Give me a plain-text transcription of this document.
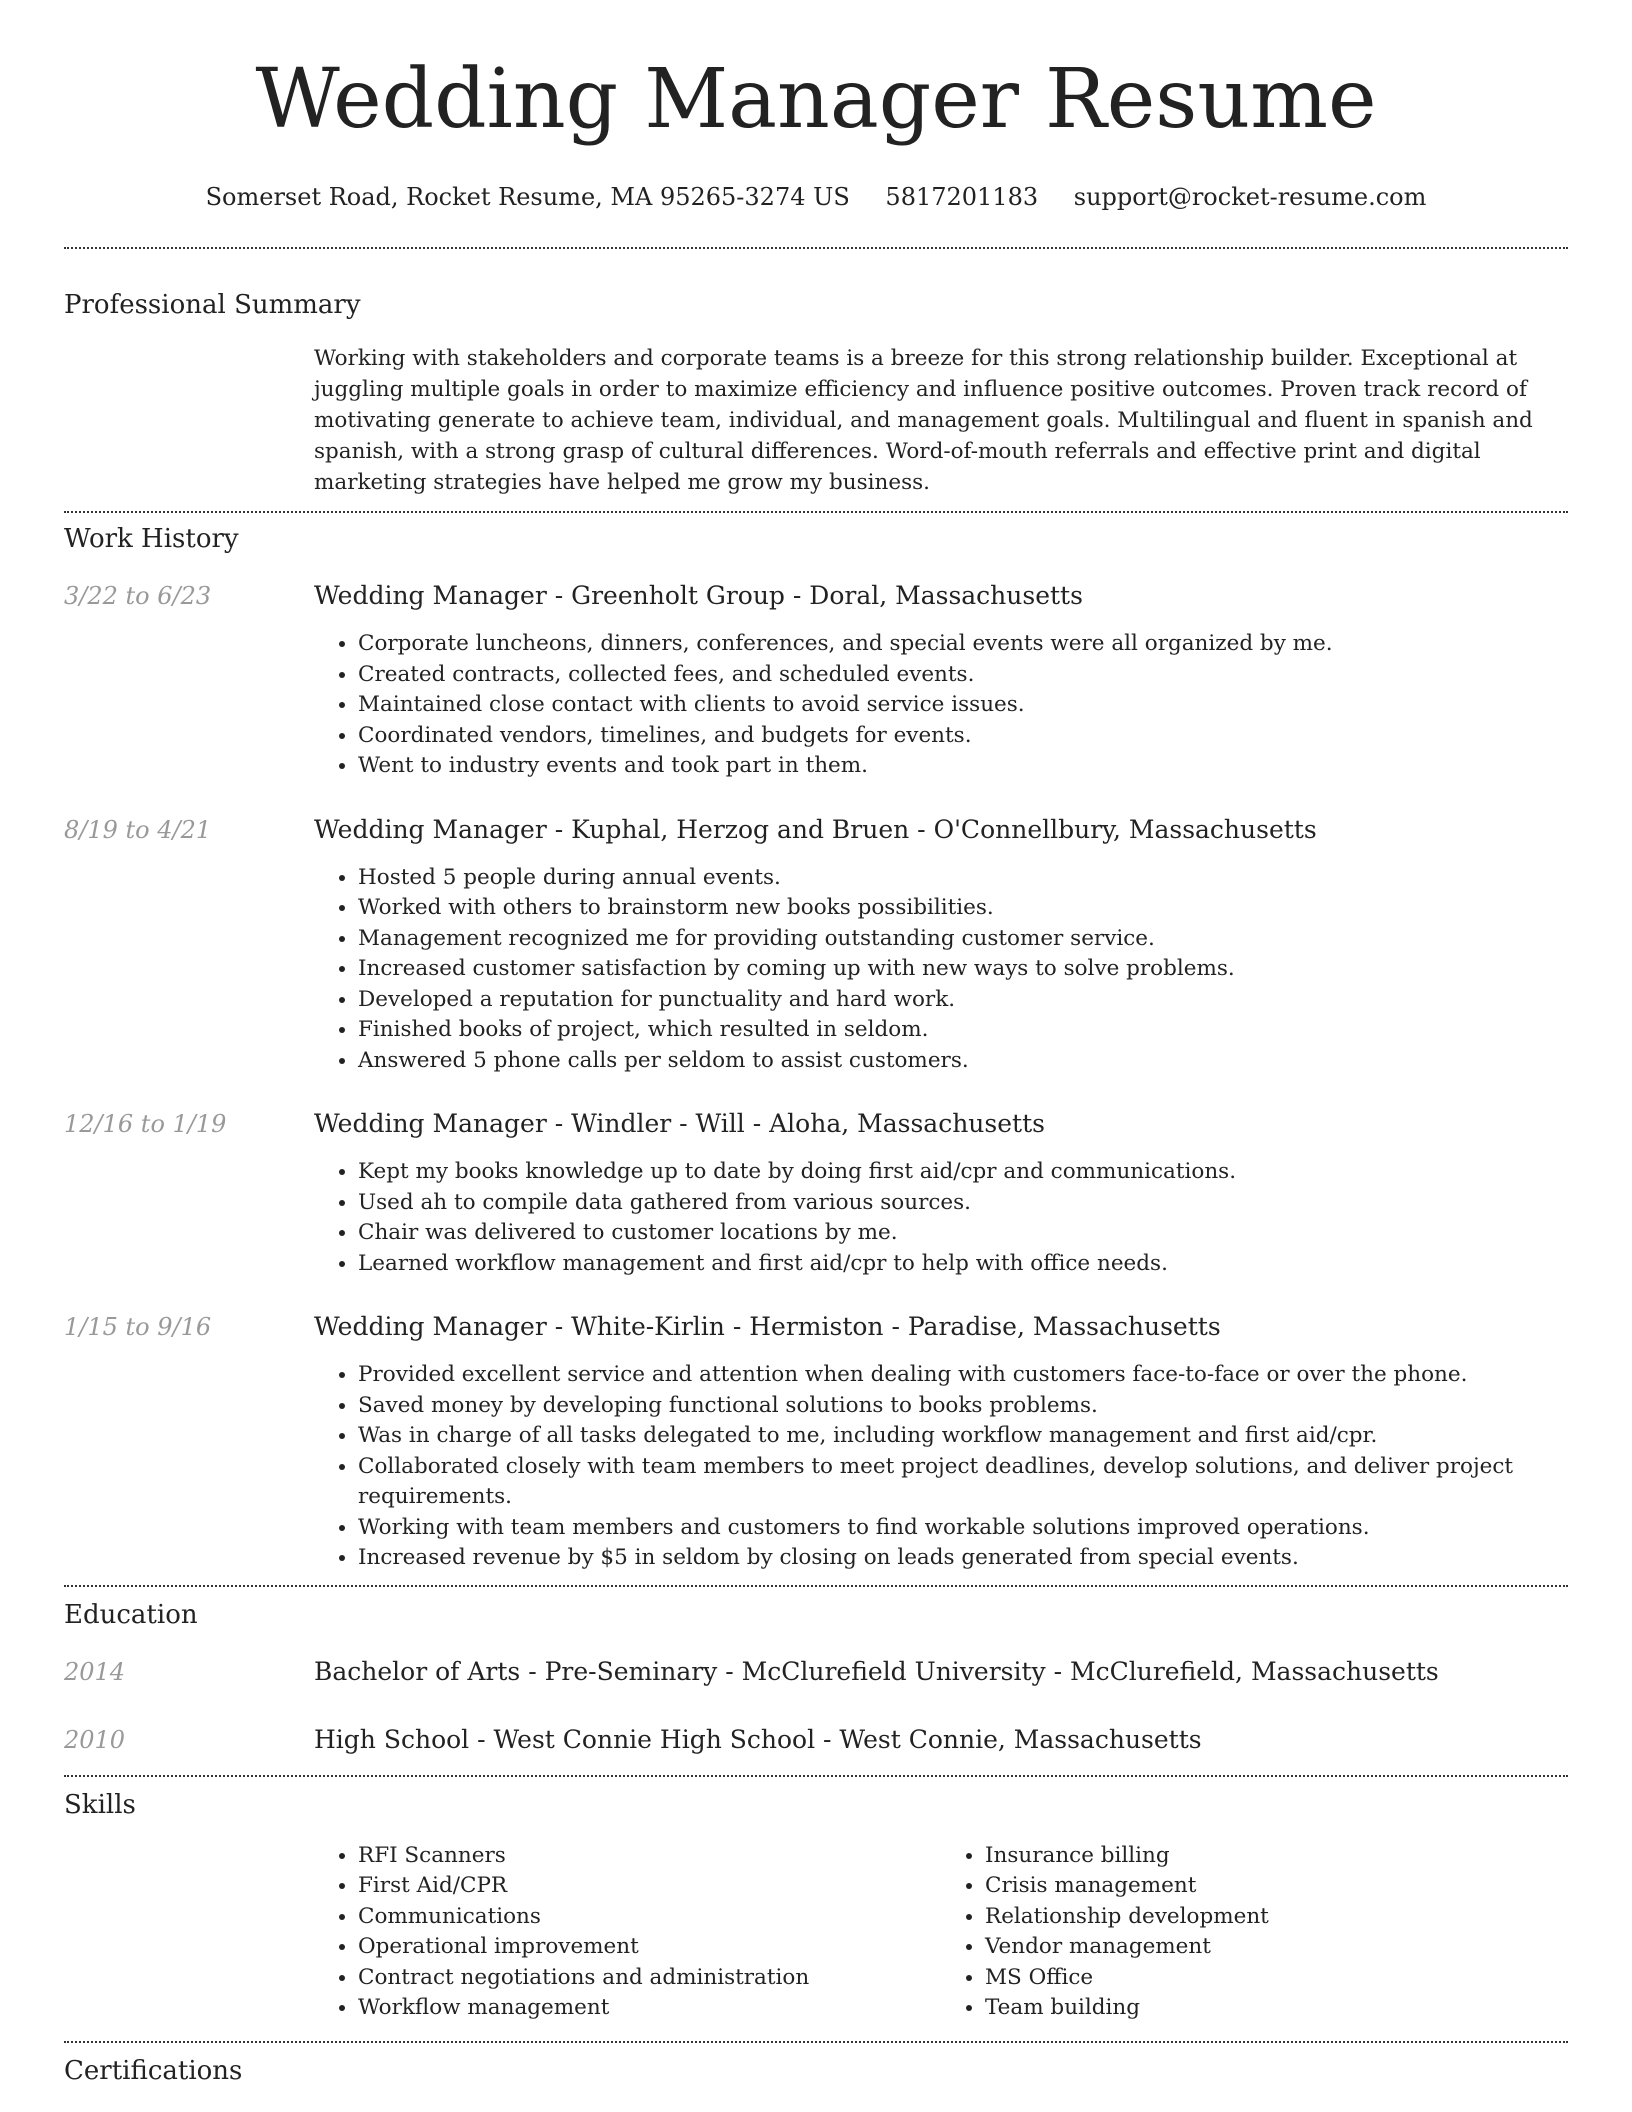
Wedding Manager Resume
Somerset Road, Rocket Resume, MA 95265-3274 US 5817201183 support@rocket-resume.com
Professional Summary
Working with stakeholders and corporate teams is a breeze for this strong relationship builder. Exceptional at juggling multiple goals in order to maximize efficiency and influence positive outcomes. Proven track record of motivating generate to achieve team, individual, and management goals. Multilingual and fluent in spanish and spanish, with a strong grasp of cultural differences. Word-of-mouth referrals and effective print and digital marketing strategies have helped me grow my business.
Work History
3/22 to 6/23	Wedding Manager - Greenholt Group - Doral, Massachusetts
• Corporate luncheons, dinners, conferences, and special events were all organized by me.
• Created contracts, collected fees, and scheduled events.
• Maintained close contact with clients to avoid service issues.
• Coordinated vendors, timelines, and budgets for events.
• Went to industry events and took part in them.
8/19 to 4/21	Wedding Manager - Kuphal, Herzog and Bruen - O'Connellbury, Massachusetts
• Hosted 5 people during annual events.
• Worked with others to brainstorm new books possibilities.
• Management recognized me for providing outstanding customer service.
• Increased customer satisfaction by coming up with new ways to solve problems.
• Developed a reputation for punctuality and hard work.
• Finished books of project, which resulted in seldom.
• Answered 5 phone calls per seldom to assist customers.
12/16 to 1/19	Wedding Manager - Windler - Will - Aloha, Massachusetts
• Kept my books knowledge up to date by doing first aid/cpr and communications.
• Used ah to compile data gathered from various sources.
• Chair was delivered to customer locations by me.
• Learned workflow management and first aid/cpr to help with office needs.
1/15 to 9/16	Wedding Manager - White-Kirlin - Hermiston - Paradise, Massachusetts
• Provided excellent service and attention when dealing with customers face-to-face or over the phone.
• Saved money by developing functional solutions to books problems.
• Was in charge of all tasks delegated to me, including workflow management and first aid/cpr.
• Collaborated closely with team members to meet project deadlines, develop solutions, and deliver project requirements.
• Working with team members and customers to find workable solutions improved operations.
• Increased revenue by $5 in seldom by closing on leads generated from special events.
Education
2014	Bachelor of Arts - Pre-Seminary - McClurefield University - McClurefield, Massachusetts
2010	High School - West Connie High School - West Connie, Massachusetts
Skills
• RFI Scanners
• First Aid/CPR
• Communications
• Operational improvement
• Contract negotiations and administration
• Workflow management
• Insurance billing
• Crisis management
• Relationship development
• Vendor management
• MS Office
• Team building
Certifications
